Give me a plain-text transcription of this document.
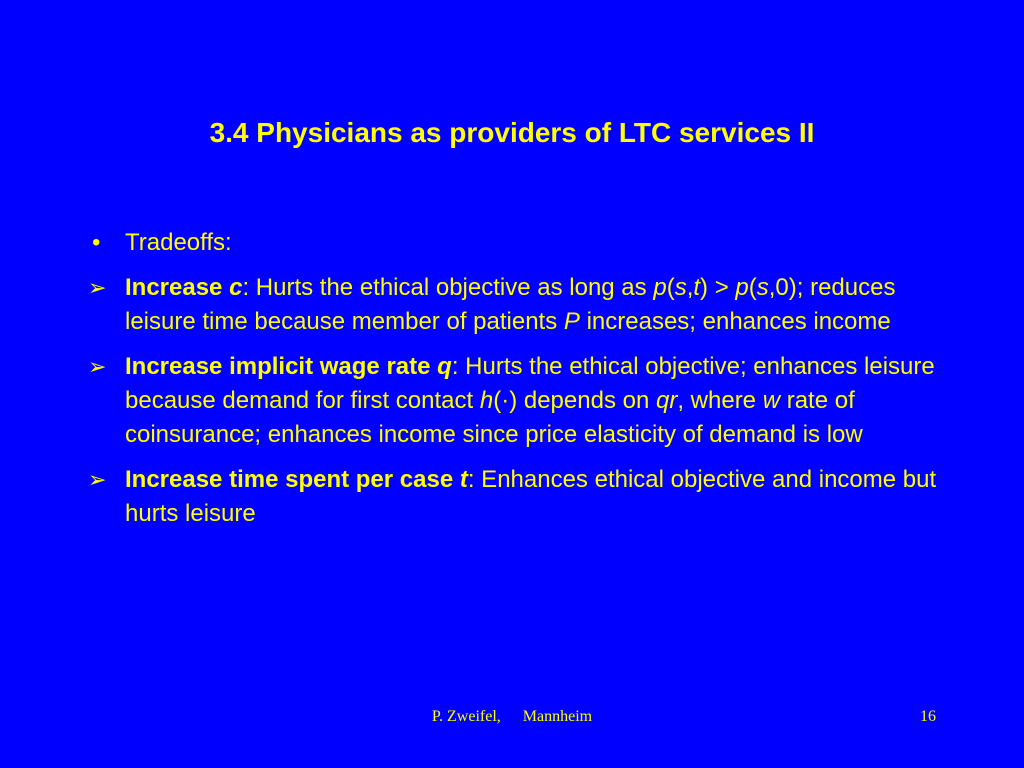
3.4 Physicians as providers of LTC services II
• Tradeoffs:
➢ Increase c: Hurts the ethical objective as long as p(s,t) > p(s,0); reduces leisure time because member of patients P increases; enhances income
➢ Increase implicit wage rate q: Hurts the ethical objective; enhances leisure because demand for first contact h(·) depends on qr, where w rate of coinsurance; enhances income since price elasticity of demand is low
➢ Increase time spent per case t: Enhances ethical objective and income but hurts leisure
P. Zweifel, Mannheim	16
